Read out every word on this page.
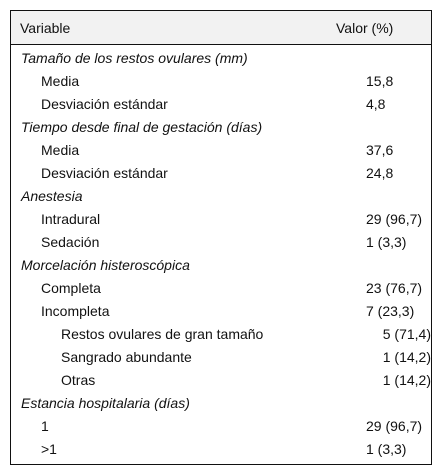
Variable	Valor (%)
Tamaño de los restos ovulares (mm)
Media	15,8
Desviación estándar	4,8
Tiempo desde final de gestación (días)
Media	37,6
Desviación estándar	24,8
Anestesia
Intradural	29 (96,7)
Sedación	1 (3,3)
Morcelación histeroscópica
Completa	23 (76,7)
Incompleta	7 (23,3)
Restos ovulares de gran tamaño	5 (71,4)
Sangrado abundante	1 (14,2)
Otras	1 (14,2)
Estancia hospitalaria (días)
1	29 (96,7)
>1	1 (3,3)
